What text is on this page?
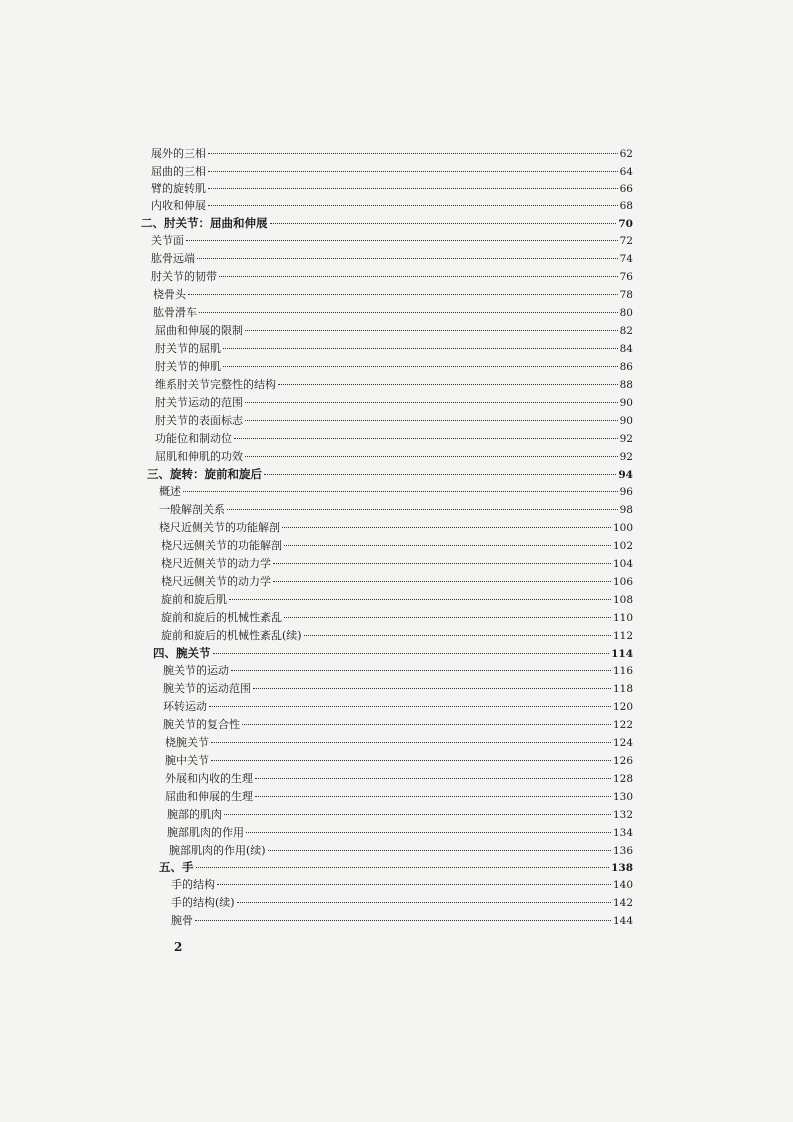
展外的三相	62
屈曲的三相	64
臂的旋转肌	66
内收和伸展	68
二、肘关节：屈曲和伸展	70
关节面	72
肱骨远端	74
肘关节的韧带	76
桡骨头	78
肱骨滑车	80
屈曲和伸展的限制	82
肘关节的屈肌	84
肘关节的伸肌	86
维系肘关节完整性的结构	88
肘关节运动的范围	90
肘关节的表面标志	90
功能位和制动位	92
屈肌和伸肌的功效	92
三、旋转：旋前和旋后	94
概述	96
一般解剖关系	98
桡尺近侧关节的功能解剖	100
桡尺远侧关节的功能解剖	102
桡尺近侧关节的动力学	104
桡尺远侧关节的动力学	106
旋前和旋后肌	108
旋前和旋后的机械性紊乱	110
旋前和旋后的机械性紊乱(续)	112
四、腕关节	114
腕关节的运动	116
腕关节的运动范围	118
环转运动	120
腕关节的复合性	122
桡腕关节	124
腕中关节	126
外展和内收的生理	128
屈曲和伸展的生理	130
腕部的肌肉	132
腕部肌肉的作用	134
腕部肌肉的作用(续)	136
五、手	138
手的结构	140
手的结构(续)	142
腕骨	144
2
